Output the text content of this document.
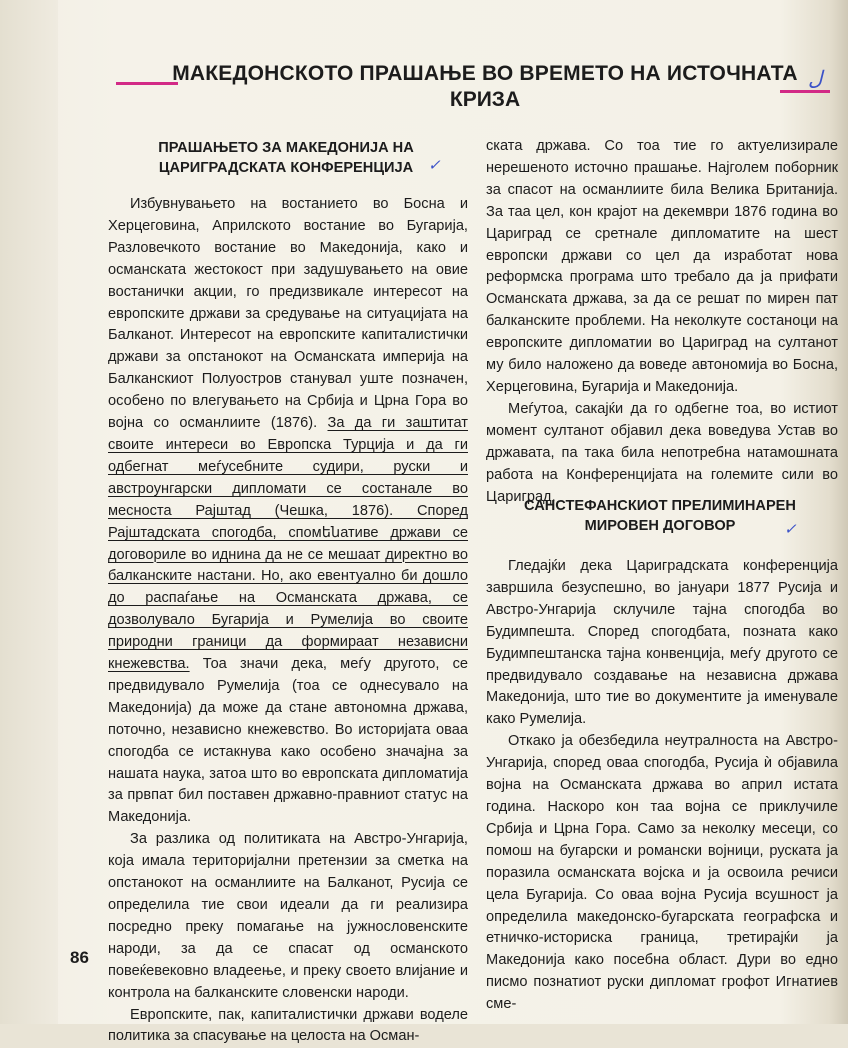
МАКЕДОНСКОТО ПРАШАЊЕ ВО ВРЕМЕТО НА ИСТОЧНАТА
КРИЗА
ﻝ
ПРАШАЊЕТО ЗА МАКЕДОНИЈА НА
ЦАРИГРАДСКАТА КОНФЕРЕНЦИЈА ✓

Избувнувањето на востанието во Босна и Херцеговина, Априлското востание во Бугарија, Разловечкото востание во Македонија, како и османската жестокост при задушувањето на овие востанички акции, го предизвикале интересот на европските држави за средување на ситуацијата на Балканот. Интересот на европските капиталистички држави за опстанокот на Османската империја на Балканскиот Полуостров станувал уште позначен, особено по влегувањето на Србија и Црна Гора во војна со османлиите (1876). За да ги заштитат своите интереси во Европска Турција и да ги одбегнат меѓусебните судири, руски и австроунгарски дипломати се состанале во месноста Рајштад (Чешка, 1876). Според Рајштадската спогодба, спомենативе држави се договориле во иднина да не се мешаат директно во балканските настани. Но, ако евентуално би дошло до распаѓање на Османската држава, се дозволувало Бугарија и Румелија во своите природни граници да формираат независни кнежевства. Тоа значи дека, меѓу другото, се предвидувало Румелија (тоа се однесувало на Македонија) да може да стане автономна држава, поточно, независно кнежевство. Во историјата оваа спогодба се истакнува како особено значајна за нашата наука, затоа што во европската дипломатија за првпат бил поставен државно-правниот статус на Македонија.

За разлика од политиката на Австро-Унгарија, која имала територијални претензии за сметка на опстанокот на османлиите на Балканот, Русија се определила тие свои идеали да ги реализира посредно преку помагање на јужнословенските народи, за да се спасат од османското повеќевековно владеење, и преку своето влијание и контрола на балканските словенски народи.

Европските, пак, капиталистички држави воделе политика за спасување на целоста на Осман-

ската држава. Со тоа тие го актуелизирале нерешеното источно прашање. Најголем поборник за спасот на османлиите била Велика Британија. За таа цел, кон крајот на декември 1876 година во Цариград се сретнале дипломатите на шест европски држави со цел да изработат нова реформска програма што требало да ја прифати Османската држава, за да се решат по мирен пат балканските проблеми. На неколкуте состаноци на европските дипломатии во Цариград на султанот му било наложено да воведе автономија во Босна, Херцеговина, Бугарија и Македонија.

Меѓутоа, сакајќи да го одбегне тоа, во истиот момент султанот објавил дека воведува Устав во државата, па така била непотребна натамошната работа на Конференцијата на големите сили во Цариград.

САНСТЕФАНСКИОТ ПРЕЛИМИНАРЕН
МИРОВЕН ДОГОВОР	✓

Гледајќи дека Цариградската конференција завршила безуспешно, во јануари 1877 Русија и Австро-Унгарија склучиле тајна спогодба во Будимпешта. Според спогодбата, позната како Будимпештанска тајна конвенција, меѓу другото се предвидувало создавање на независна држава Македонија, што тие во документите ја именувале како Румелија.

Откако ја обезбедила неутралноста на Австро-Унгарија, според оваа спогодба, Русија ѝ објавила војна на Османската држава во април истата година. Наскоро кон таа војна се приклучиле Србија и Црна Гора. Само за неколку месеци, со помош на бугарски и романски војници, руската ја поразила османската војска и ја освоила речиси цела Бугарија. Со оваа војна Русија всушност ја определила македонско-бугарската географска и етничко-историска граница, третирајќи ја Македонија како посебна област. Дури во едно писмо познатиот руски дипломат грофот Игнатиев сме-

86
